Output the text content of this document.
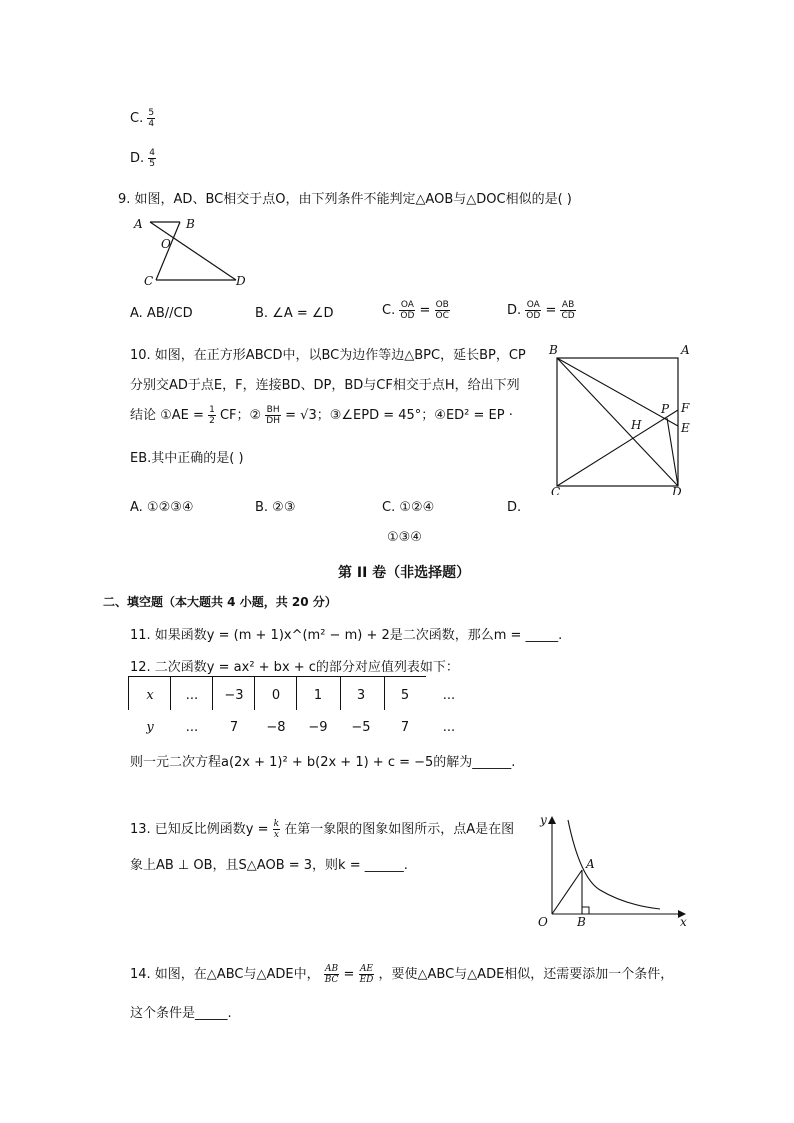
C. $\frac{5}{4}$
D. $\frac{4}{5}$
9. 如图，AD、BC相交于点O，由下列条件不能判定△AOB与△DOC相似的是( )
A	B
O
C	D
A. AB//CD	B. ∠A = ∠D	C. $\frac{OA}{OD} = \frac{OB}{OC}$	D. $\frac{OA}{OD} = \frac{AB}{CD}$
10. 如图，在正方形ABCD中，以BC为边作等边△BPC，延长BP，CP
分别交AD于点E，F，连接BD、DP，BD与CF相交于点H，给出下列
结论 ①AE = $\frac{1}{2}$ CF；② $\frac{BH}{DH} = √3$；③∠EPD = 45°；④ED² = EP ·
EB.其中正确的是( )
B	A
P F
E
H
C	D
A. ①②③④	B. ②③	C. ①②④	D.
①③④
第 II 卷（非选择题）
二、填空题（本大题共 4 小题，共 20 分）
11. 如果函数y = (m + 1)x^(m² − m) + 2是二次函数，那么m = _____.
12. 二次函数y = ax² + bx + c的部分对应值列表如下：
x	...	−3	0	1	3	5	...
y	...	7	−8	−9	−5	7	...
则一元二次方程a(2x + 1)² + b(2x + 1) + c = −5的解为______.
13. 已知反比例函数$y = \frac{k}{x}$ 在第一象限的图象如图所示，点A是在图
象上AB ⊥ OB，且S△AOB = 3，则k = ______.
y
A
O B	x
14. 如图，在△ABC与△ADE中， $\frac{AB}{BC} = \frac{AE}{ED}$ ，要使△ABC与△ADE相似，还需要添加一个条件，
这个条件是_____.
